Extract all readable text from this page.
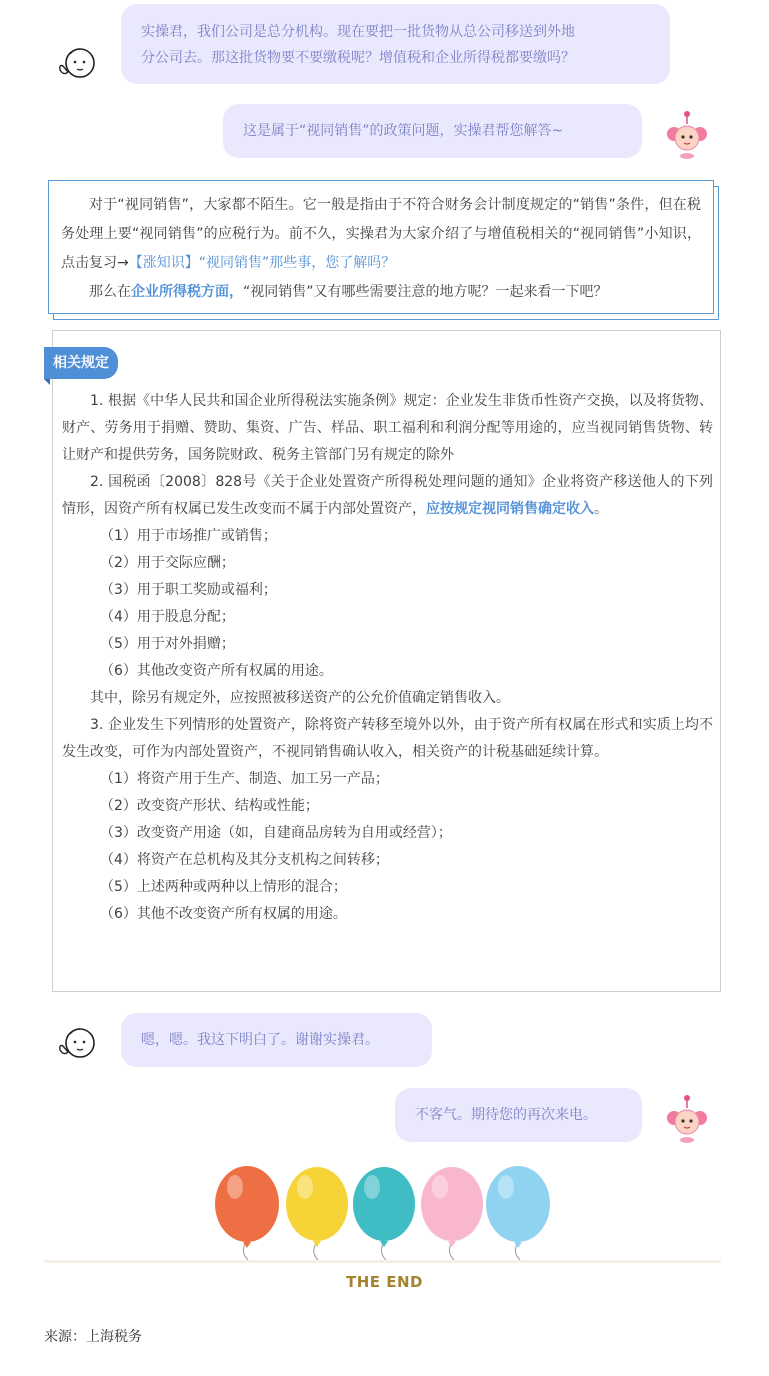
实操君，我们公司是总分机构。现在要把一批货物从总公司移送到外地
分公司去。那这批货物要不要缴税呢？增值税和企业所得税都要缴吗？
这是属于“视同销售”的政策问题，实操君帮您解答~

对于“视同销售”，大家都不陌生。它一般是指由于不符合财务会计制度规定的“销售”条件，但在税务处理上要“视同销售”的应税行为。前不久，实操君为大家介绍了与增值税相关的“视同销售”小知识，点击复习→【涨知识】“视同销售”那些事，您了解吗？

那么在企业所得税方面，“视同销售”又有哪些需要注意的地方呢？一起来看一下吧？

相关规定

1. 根据《中华人民共和国企业所得税法实施条例》规定：企业发生非货币性资产交换，以及将货物、财产、劳务用于捐赠、赞助、集资、广告、样品、职工福利和利润分配等用途的，应当视同销售货物、转让财产和提供劳务，国务院财政、税务主管部门另有规定的除外

2. 国税函〔2008〕828号《关于企业处置资产所得税处理问题的通知》企业将资产移送他人的下列情形，因资产所有权属已发生改变而不属于内部处置资产，应按规定视同销售确定收入。

（1）用于市场推广或销售；

（2）用于交际应酬；

（3）用于职工奖励或福利；

（4）用于股息分配；

（5）用于对外捐赠；

（6）其他改变资产所有权属的用途。

其中，除另有规定外，应按照被移送资产的公允价值确定销售收入。

3. 企业发生下列情形的处置资产，除将资产转移至境外以外，由于资产所有权属在形式和实质上均不发生改变，可作为内部处置资产，不视同销售确认收入，相关资产的计税基础延续计算。

（1）将资产用于生产、制造、加工另一产品；

（2）改变资产形状、结构或性能；

（3）改变资产用途（如，自建商品房转为自用或经营）；

（4）将资产在总机构及其分支机构之间转移；

（5）上述两种或两种以上情形的混合；

（6）其他不改变资产所有权属的用途。

嗯，嗯。我这下明白了。谢谢实操君。
不客气。期待您的再次来电。
THE END
来源：上海税务
